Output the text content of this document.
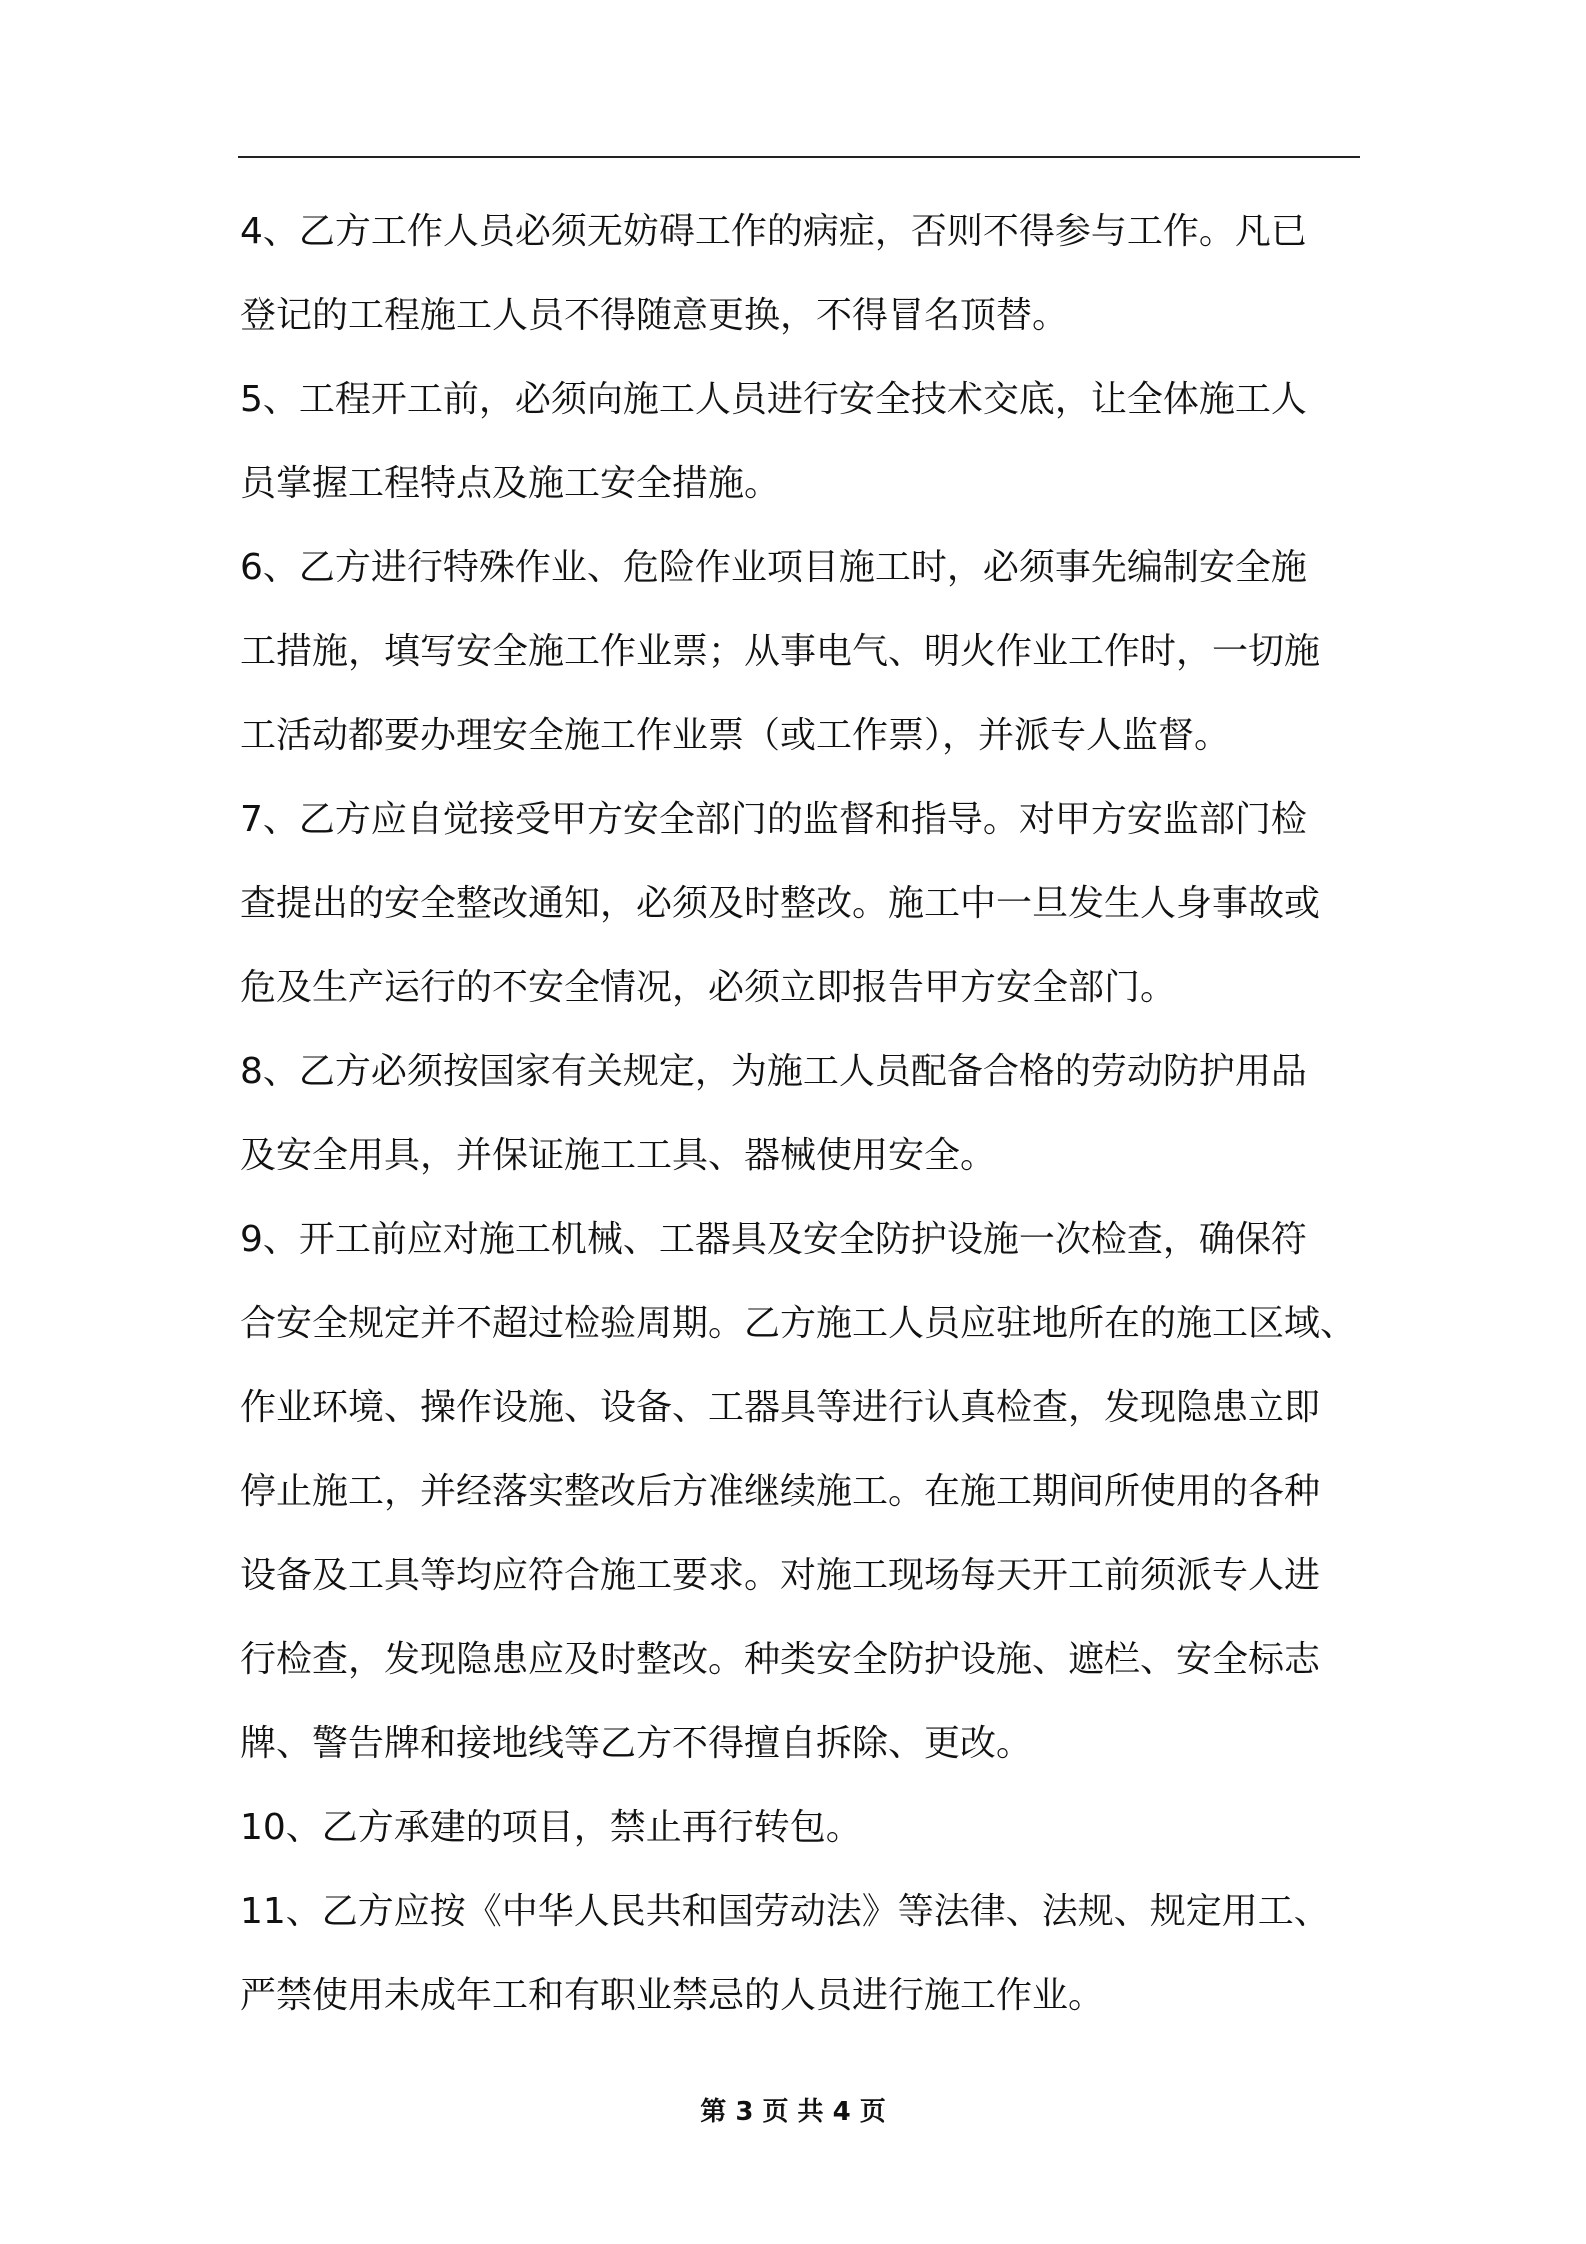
4、乙方工作人员必须无妨碍工作的病症，否则不得参与工作。凡已
登记的工程施工人员不得随意更换，不得冒名顶替。
5、工程开工前，必须向施工人员进行安全技术交底，让全体施工人
员掌握工程特点及施工安全措施。
6、乙方进行特殊作业、危险作业项目施工时，必须事先编制安全施
工措施，填写安全施工作业票；从事电气、明火作业工作时，一切施
工活动都要办理安全施工作业票（或工作票），并派专人监督。
7、乙方应自觉接受甲方安全部门的监督和指导。对甲方安监部门检
查提出的安全整改通知，必须及时整改。施工中一旦发生人身事故或
危及生产运行的不安全情况，必须立即报告甲方安全部门。
8、乙方必须按国家有关规定，为施工人员配备合格的劳动防护用品
及安全用具，并保证施工工具、器械使用安全。
9、开工前应对施工机械、工器具及安全防护设施一次检查，确保符
合安全规定并不超过检验周期。乙方施工人员应驻地所在的施工区域、
作业环境、操作设施、设备、工器具等进行认真检查，发现隐患立即
停止施工，并经落实整改后方准继续施工。在施工期间所使用的各种
设备及工具等均应符合施工要求。对施工现场每天开工前须派专人进
行检查，发现隐患应及时整改。种类安全防护设施、遮栏、安全标志
牌、警告牌和接地线等乙方不得擅自拆除、更改。
10、乙方承建的项目，禁止再行转包。
11、乙方应按《中华人民共和国劳动法》等法律、法规、规定用工、
严禁使用未成年工和有职业禁忌的人员进行施工作业。
第 3 页 共 4 页
